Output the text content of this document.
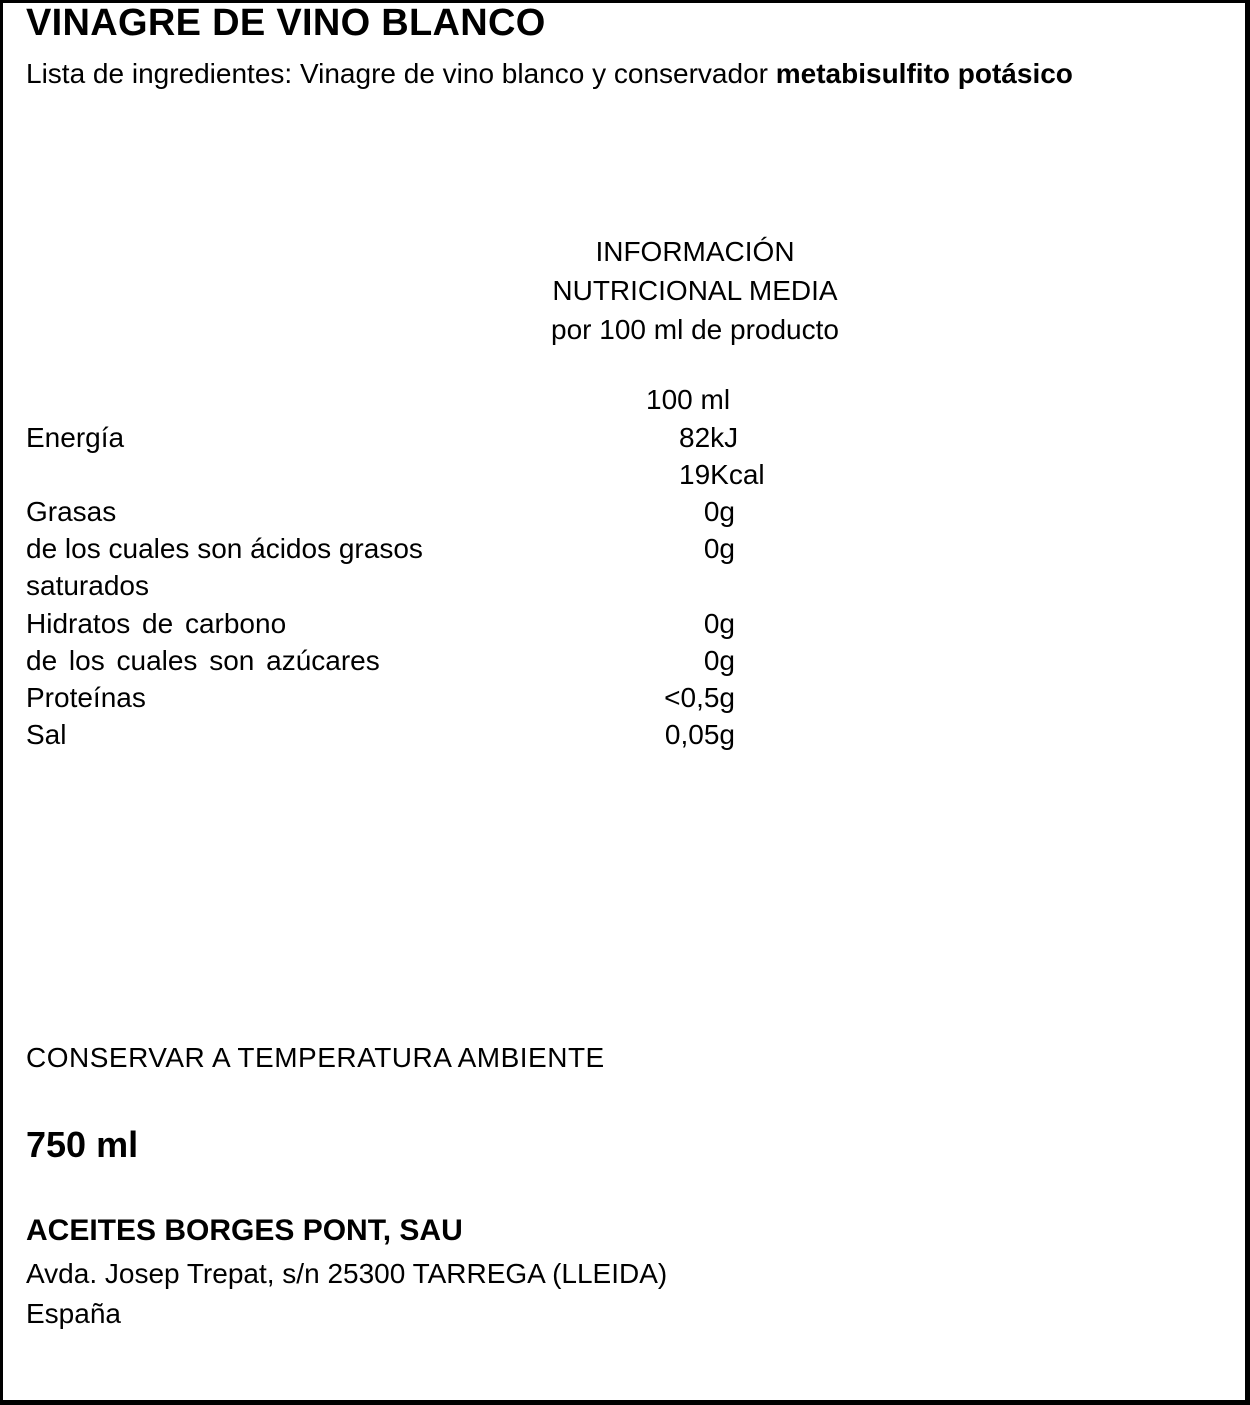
VINAGRE DE VINO BLANCO
Lista de ingredientes: Vinagre de vino blanco y conservador metabisulfito potásico
INFORMACIÓN
NUTRICIONAL MEDIA
por 100 ml de producto
100 ml
Energía	82kJ
19Kcal
Grasas	0g
de los cuales son ácidos grasos	0g
saturados
Hidratos de carbono	0g
de los cuales son azúcares	0g
Proteínas	<0,5g
Sal	0,05g
CONSERVAR A TEMPERATURA AMBIENTE
750 ml
ACEITES BORGES PONT, SAU
Avda. Josep Trepat, s/n 25300 TARREGA (LLEIDA)
España
